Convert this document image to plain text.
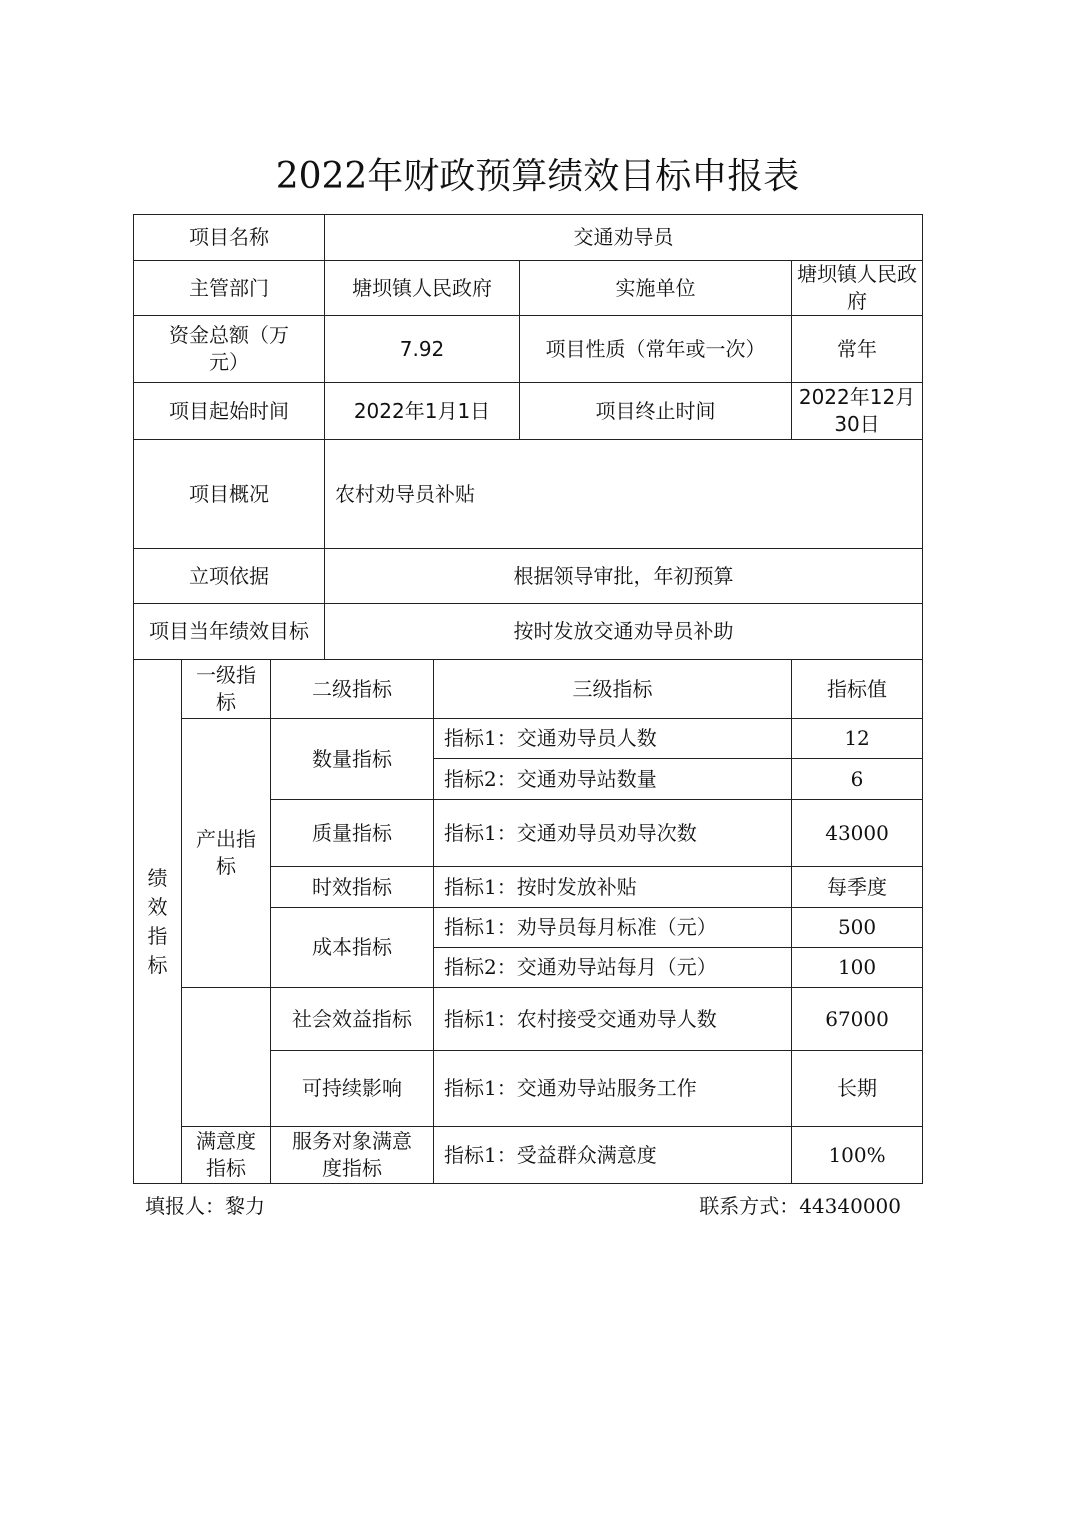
2022年财政预算绩效目标申报表
项目名称			交通劝导员			
主管部门			塘坝镇人民政府		实施单位	塘坝镇人民政府
资金总额（万元）			7.92		项目性质（常年或一次）	常年
项目起始时间			2022年1月1日		项目终止时间	2022年12月30日
项目概况			农村劝导员补贴			
立项依据			根据领导审批，年初预算			
项目当年绩效目标			按时发放交通劝导员补助			

绩
效
指
标	一级指标	二级指标		三级指标		指标值
	产出指标	数量指标		指标1：交通劝导员人数		12
				指标2：交通劝导站数量		6
		质量指标		指标1：交通劝导员劝导次数		43000
		时效指标		指标1：按时发放补贴		每季度
		成本指标		指标1：劝导员每月标准（元）		500
				指标2：交通劝导站每月（元）		100
		社会效益指标		指标1：农村接受交通劝导人数		67000
		可持续影响		指标1：交通劝导站服务工作		长期
	满意度指标	服务对象满意度指标		指标1：受益群众满意度		100%
填报人：黎力	联系方式：44340000
